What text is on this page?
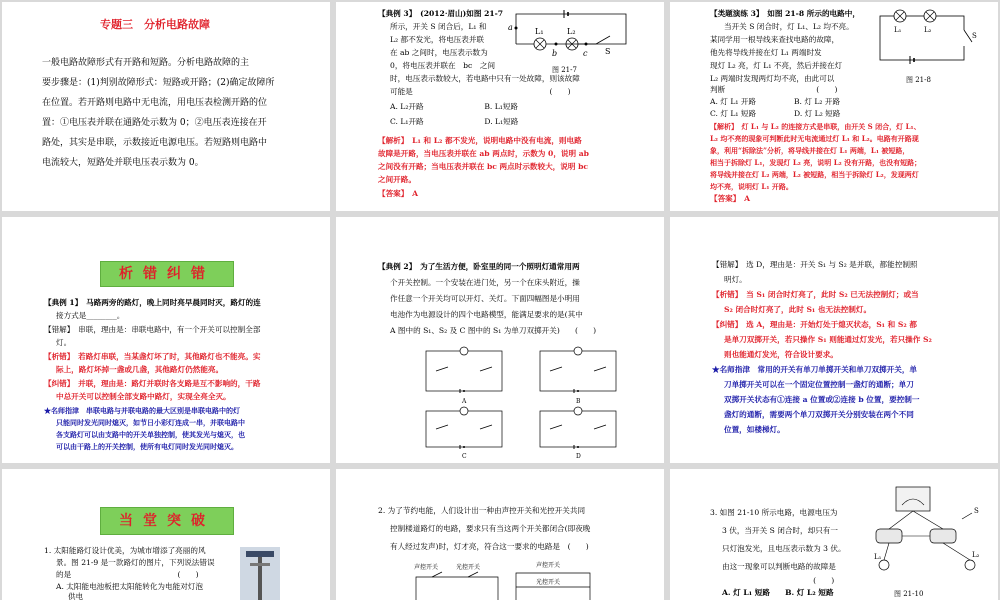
专题三　分析电路故障
一般电路故障形式有开路和短路。分析电路故障的主
要步骤是：(1)判别故障形式：短路或开路；(2)确定故障所
在位置。若开路则电路中无电流，用电压表检测开路的位
置：①电压表并联在通路处示数为 0；②电压表连接在开
路处，其实是串联，示数接近电源电压。若短路则电路中
电流较大，短路处并联电压表示数为 0。
【典例 3】　(2012·眉山)如图 21-7
所示，开关 S 闭合后，L₁ 和
L₂ 都不发光，将电压表并联
在 ab 之间时，电压表示数为
0，将电压表并联在　bc　之间
时，电压表示数较大，若电路中只有一处故障，则该故障
可能是　　　　　　　　　　　　　　　　　　(　　)
A. L₂开路　　　　　　　　B. L₁短路
C. L₁开路　　　　　　　　D. L₁短路
【解析】　L₁ 和 L₂ 都不发光，说明电路中没有电流，则电路
故障是开路，当电压表并联在 ab 两点时，示数为 0，说明 ab
之间没有开路；当电压表并联在 bc 两点时示数较大，说明 bc
之间开路。
【答案】　A
a
b	c
L₁	L₂
S
图 21-7
【类题演练 3】　如图 21-8 所示的电路中，
当开关 S 闭合时，灯 L₁、L₂ 均不亮。
某同学用一根导线来查找电路的故障，
他先将导线并接在灯 L₁ 两端时发
现灯 L₂ 亮，灯 L₁ 不亮，然后并接在灯
L₂ 两端时发现两灯均不亮，由此可以
判断　　　　　　　　　　　　(　　)
A. 灯 L₁ 开路　　　　　B. 灯 L₂ 开路
C. 灯 L₁ 短路　　　　　D. 灯 L₂ 短路
【解析】　灯 L₁ 与 L₂ 的连接方式是串联，由开关 S 闭合，灯 L₁、
L₂ 均不亮的现象可判断此时无电流通过灯 L₁ 和 L₂。电路有开路现
象，利用“拆除法”分析，将导线并接在灯 L₁ 两端，L₁ 被短路，
相当于拆除灯 L₁，发现灯 L₂ 亮，说明 L₂ 没有开路，也没有短路；
将导线并接在灯 L₂ 两端，L₂ 被短路，相当于拆除灯 L₂，发现两灯
均不亮，说明灯 L₁ 开路。
【答案】　A
L₁	L₂
S
图 21-8
析错纠错
【典例 1】　马路两旁的路灯，晚上同时亮早晨同时灭，路灯的连
接方式是________。
【错解】　串联，理由是：串联电路中，有一个开关可以控制全部
灯。
【析错】　若路灯串联，当某盏灯坏了时，其他路灯也不能亮。实
际上，路灯坏掉一盏或几盏，其他路灯仍然能亮。
【纠错】　并联，理由是：路灯并联时各支路是互不影响的，干路
中总开关可以控制全部支路中路灯，实现全亮全灭。
★名师指津　串联电路与并联电路的最大区别是串联电路中的灯
只能同时发光同时熄灭，如节日小彩灯连成一串，并联电路中
各支路灯可以由支路中的开关单独控制，使其发光与熄灭，也
可以由干路上的开关控制，使所有电灯同时发光同时熄灭。
【典例 2】　为了生活方便，卧室里的同一个照明灯通常用两
个开关控制。一个安装在进门处，另一个在床头附近，操
作任意一个开关均可以开灯、关灯。下面四幅图是小明用
电池作为电源设计的四个电路模型，能满足要求的是(其中
A 图中的 S₁、S₂ 及 C 图中的 S₁ 为单刀双掷开关)　　(　　)
A	B
C	D
【错解】　选 D，理由是：开关 S₁ 与 S₂ 是并联，都能控制照
明灯。
【析错】　当 S₁ 闭合时灯亮了，此时 S₂ 已无法控制灯；或当
S₂ 闭合时灯亮了，此时 S₁ 也无法控制灯。
【纠错】　选 A，理由是：开始灯处于熄灭状态，S₁ 和 S₂ 都
是单刀双掷开关，若只操作 S₁ 则能通过灯发光，若只操作 S₂
则也能通灯发光，符合设计要求。
★名师指津　常用的开关有单刀单掷开关和单刀双掷开关，单
刀单掷开关可以在一个固定位置控制一盏灯的通断；单刀
双掷开关状态有①连接 a 位置或②连接 b 位置，要控制一
盏灯的通断，需要两个单刀双掷开关分别安装在两个不同
位置，如楼梯灯。
当堂突破
1. 太阳能路灯设计优美，为城市增添了亮丽的风
景。图 21-9 是一款路灯的图片，下列说法错误
的是　　　　　　　　　　　　　　(　　)
A. 太阳能电池板把太阳能转化为电能对灯泡
供电
2. 为了节约电能，人们设计出一种由声控开关和光控开关共同
控制楼道路灯的电路，要求只有当这两个开关都闭合(即夜晚
有人经过发声)时，灯才亮，符合这一要求的电路是　(　　)
声控开关	光控开关	声控开关
光控开关
3. 如图 21-10 所示电路，电源电压为
3 伏，当开关 S 闭合时，却只有一
只灯泡发光，且电压表示数为 3 伏。
由这一现象可以判断电路的故障是
　　　　　　　　　　　　(　　)
A. 灯 L₁ 短路　　B. 灯 L₂ 短路
L₁	L₂
S
图 21-10
